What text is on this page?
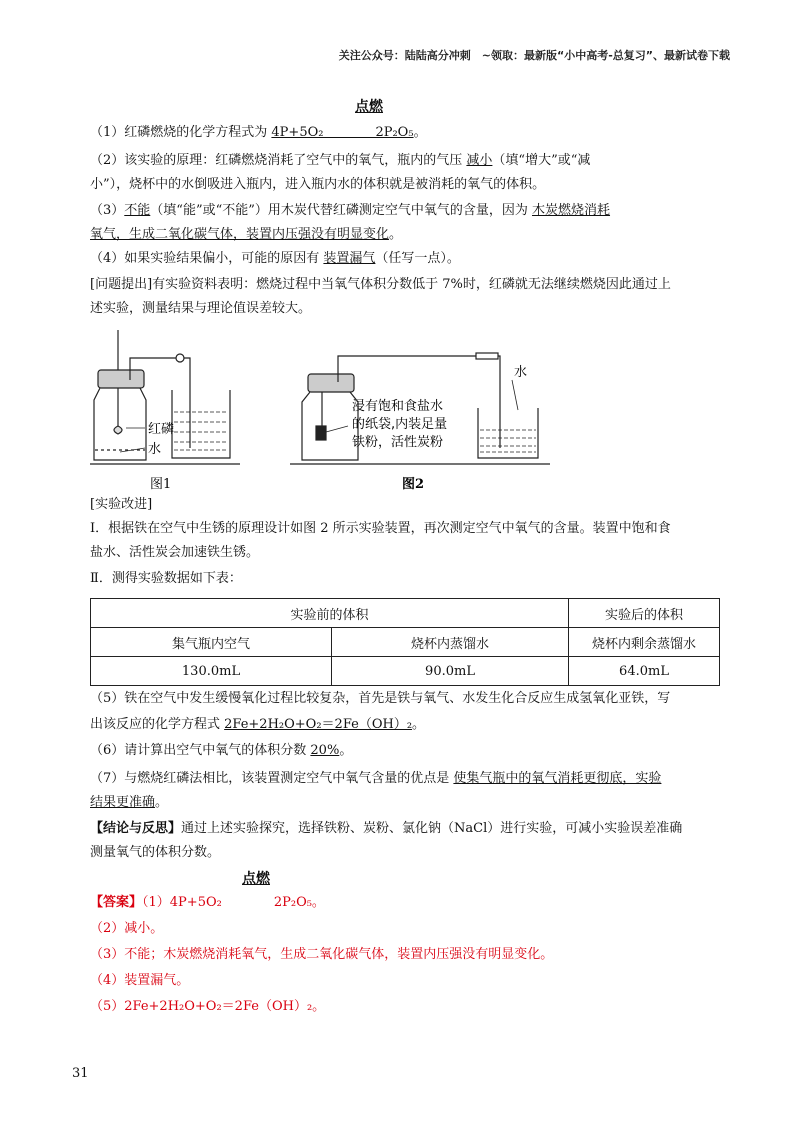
关注公众号：陆陆高分冲刺　~领取：最新版“小中高考-总复习”、最新试卷下载
点燃
（1）红磷燃烧的化学方程式为 4P+5O₂　　　　2P₂O₅。
（2）该实验的原理：红磷燃烧消耗了空气中的氧气，瓶内的气压 减小（填“增大”或“减
小”），烧杯中的水倒吸进入瓶内，进入瓶内水的体积就是被消耗的氧气的体积。
（3）不能（填“能”或“不能”）用木炭代替红磷测定空气中氧气的含量，因为 木炭燃烧消耗
氧气，生成二氧化碳气体，装置内压强没有明显变化。
（4）如果实验结果偏小，可能的原因有 装置漏气（任写一点）。
[问题提出]有实验资料表明：燃烧过程中当氧气体积分数低于 7%时，红磷就无法继续燃烧因此通过上
述实验，测量结果与理论值误差较大。
红磷
水
图1
浸有饱和食盐水
的纸袋,内装足量
铁粉，活性炭粉
水
图2
[实验改进]
Ⅰ．根据铁在空气中生锈的原理设计如图 2 所示实验装置，再次测定空气中氧气的含量。装置中饱和食
盐水、活性炭会加速铁生锈。
Ⅱ．测得实验数据如下表：
实验前的体积		实验后的体积
集气瓶内空气	烧杯内蒸馏水	烧杯内剩余蒸馏水
130.0mL	90.0mL	64.0mL
（5）铁在空气中发生缓慢氧化过程比较复杂，首先是铁与氧气、水发生化合反应生成氢氧化亚铁，写
出该反应的化学方程式 2Fe+2H₂O+O₂＝2Fe（OH）₂。
（6）请计算出空气中氧气的体积分数 20%。
（7）与燃烧红磷法相比，该装置测定空气中氧气含量的优点是 使集气瓶中的氧气消耗更彻底，实验
结果更准确。
【结论与反思】通过上述实验探究，选择铁粉、炭粉、氯化钠（NaCl）进行实验，可减小实验误差准确
测量氧气的体积分数。
点燃
【答案】（1）4P+5O₂　　　　2P₂O₅。
（2）减小。
（3）不能；木炭燃烧消耗氧气，生成二氧化碳气体，装置内压强没有明显变化。
（4）装置漏气。
（5）2Fe+2H₂O+O₂＝2Fe（OH）₂。
31
